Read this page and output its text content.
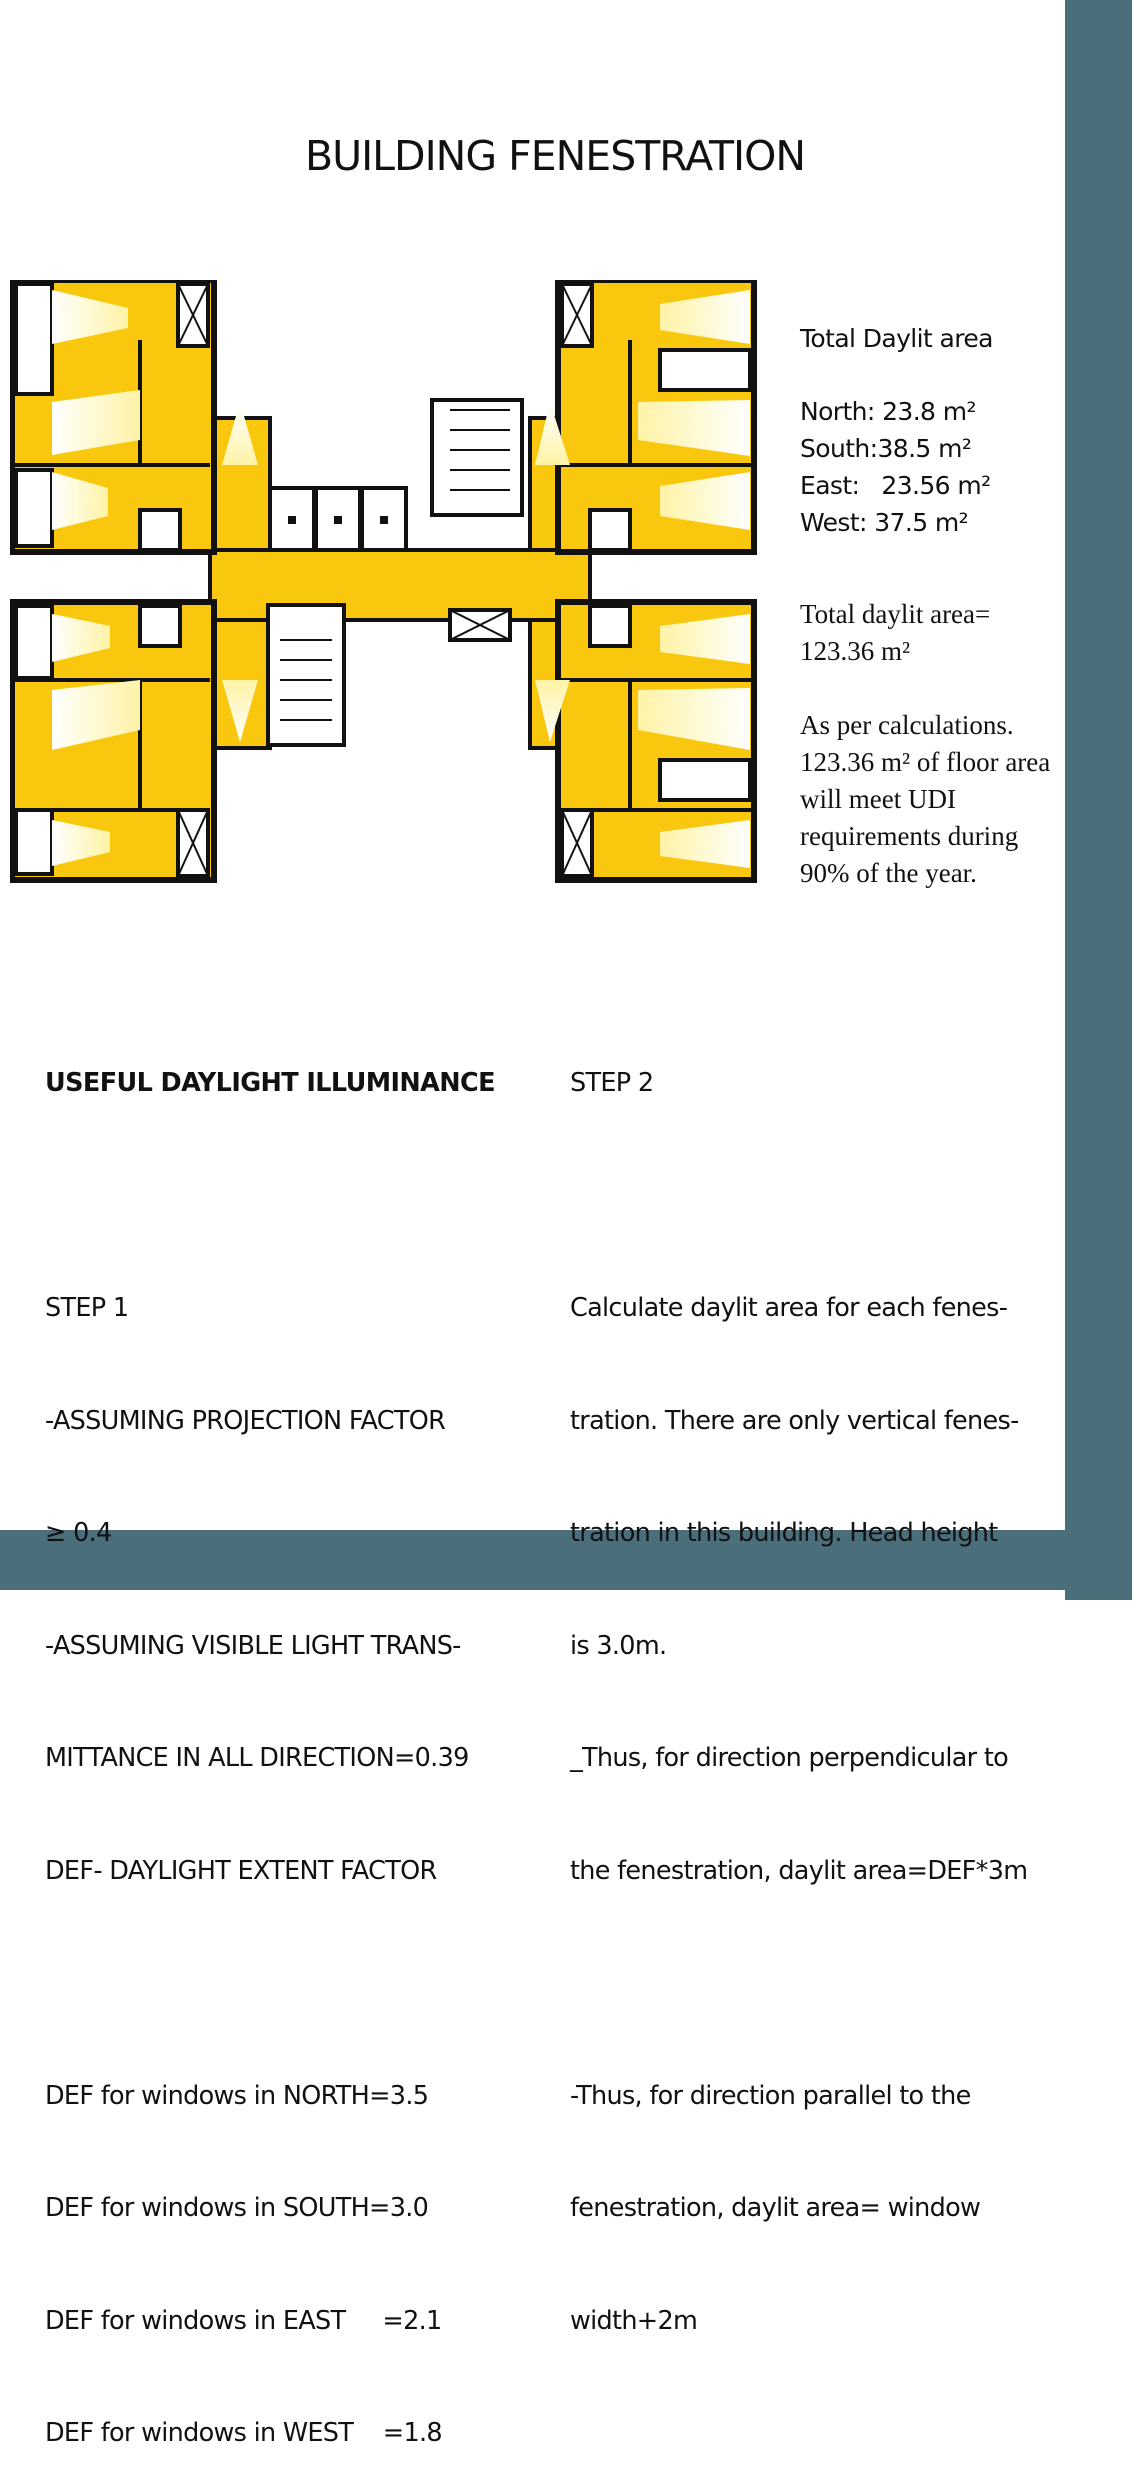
BUILDING FENESTRATION
Total Daylit area
North: 23.8 m²
South:38.5 m²
East:   23.56 m²
West: 37.5 m²
Total daylit area=
123.36 m²
As per calculations. 123.36 m² of floor area will meet UDI requirements during 90% of the year.

USEFUL DAYLIGHT ILLUMINANCE

STEP 1

-ASSUMING PROJECTION FACTOR

≥ 0.4

-ASSUMING VISIBLE LIGHT TRANS-

MITTANCE IN ALL DIRECTION=0.39

DEF- DAYLIGHT EXTENT FACTOR

DEF for windows in NORTH=3.5

DEF for windows in SOUTH=3.0

DEF for windows in EAST     =2.1

DEF for windows in WEST    =1.8

STEP 2

Calculate daylit area for each fenes-

tration. There are only vertical fenes-

tration in this building. Head height

is 3.0m.

_Thus, for direction perpendicular to

the fenestration, daylit area=DEF*3m

-Thus, for direction parallel to the

fenestration, daylit area= window

width+2m
